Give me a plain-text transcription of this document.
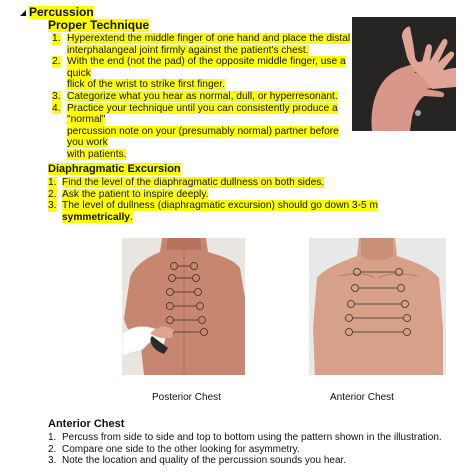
Percussion
Proper Technique
1. Hyperextend the middle finger of one hand and place the distal
interphalangeal joint firmly against the patient's chest.
2. With the end (not the pad) of the opposite middle finger, use a quick
flick of the wrist to strike first finger.
3. Categorize what you hear as normal, dull, or hyperresonant.
4. Practice your technique until you can consistently produce a "normal"
percussion note on your (presumably normal) partner before you work
with patients.
Diaphragmatic Excursion
1. Find the level of the diaphragmatic dullness on both sides.
2. Ask the patient to inspire deeply.
3. The level of dullness (diaphragmatic excursion) should go down 3-5 m symmetrically.
·	·
Posterior Chest	Anterior Chest
Anterior Chest
1. Percuss from side to side and top to bottom using the pattern shown in the illustration.
2. Compare one side to the other looking for asymmetry.
3. Note the location and quality of the percussion sounds you hear.
